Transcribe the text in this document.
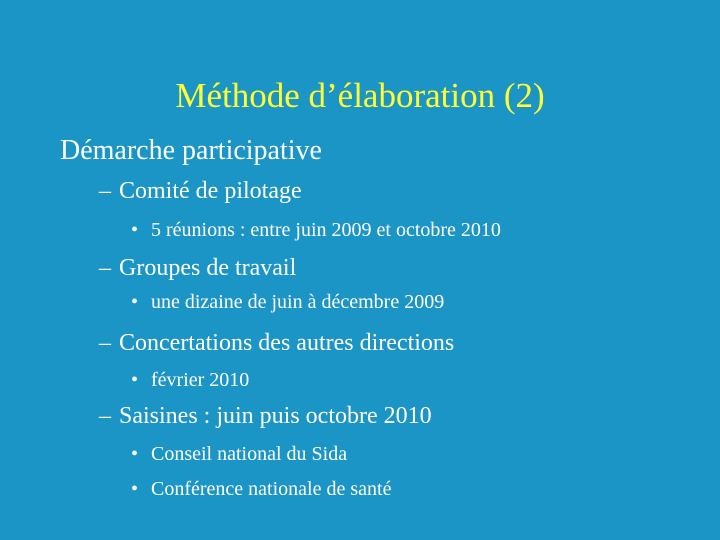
Méthode d’élaboration (2)
Démarche participative
– Comité de pilotage
• 5 réunions : entre juin 2009 et octobre 2010
– Groupes de travail
• une dizaine de juin à décembre 2009
– Concertations des autres directions
• février 2010
– Saisines : juin puis octobre 2010
• Conseil national du Sida
• Conférence nationale de santé
